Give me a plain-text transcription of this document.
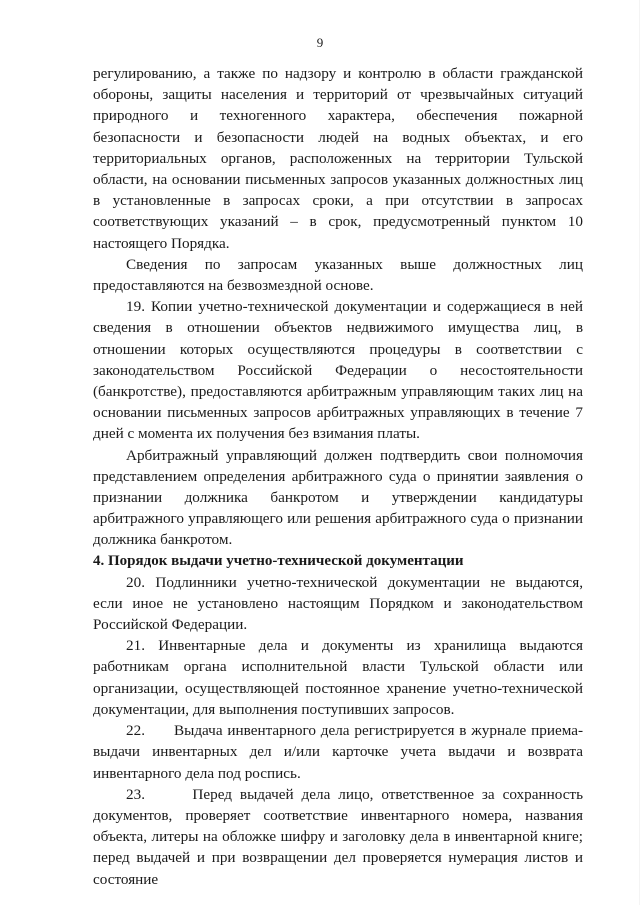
9

регулированию, а также по надзору и контролю в области гражданской обороны, защиты населения и территорий от чрезвычайных ситуаций природного и техногенного характера, обеспечения пожарной безопасности и безопасности людей на водных объектах, и его территориальных органов, расположенных на территории Тульской области, на основании письменных запросов указанных должностных лиц в установленные в запросах сроки, а при отсутствии в запросах соответствующих указаний – в срок, предусмотренный пунктом 10 настоящего Порядка.

Сведения по запросам указанных выше должностных лиц предоставляются на безвозмездной основе.

19. Копии учетно-технической документации и содержащиеся в ней сведения в отношении объектов недвижимого имущества лиц, в отношении которых осуществляются процедуры в соответствии с законодательством Российской Федерации о несостоятельности (банкротстве), предоставляются арбитражным управляющим таких лиц на основании письменных запросов арбитражных управляющих в течение 7 дней с момента их получения без взимания платы.

Арбитражный управляющий должен подтвердить свои полномочия представлением определения арбитражного суда о принятии заявления о признании должника банкротом и утверждении кандидатуры арбитражного управляющего или решения арбитражного суда о признании должника банкротом.

4. Порядок выдачи учетно-технической документации

20. Подлинники учетно-технической документации не выдаются, если иное не установлено настоящим Порядком и законодательством Российской Федерации.

21. Инвентарные дела и документы из хранилища выдаются работникам органа исполнительной власти Тульской области или организации, осуществляющей постоянное хранение учетно-технической документации, для выполнения поступивших запросов.

22.      Выдача инвентарного дела регистрируется в журнале приема-выдачи инвентарных дел и/или карточке учета выдачи и возврата инвентарного дела под роспись.

23.      Перед выдачей дела лицо, ответственное за сохранность документов, проверяет соответствие инвентарного номера, названия объекта, литеры на обложке шифру и заголовку дела в инвентарной книге; перед выдачей и при возвращении дел проверяется нумерация листов и состояние
